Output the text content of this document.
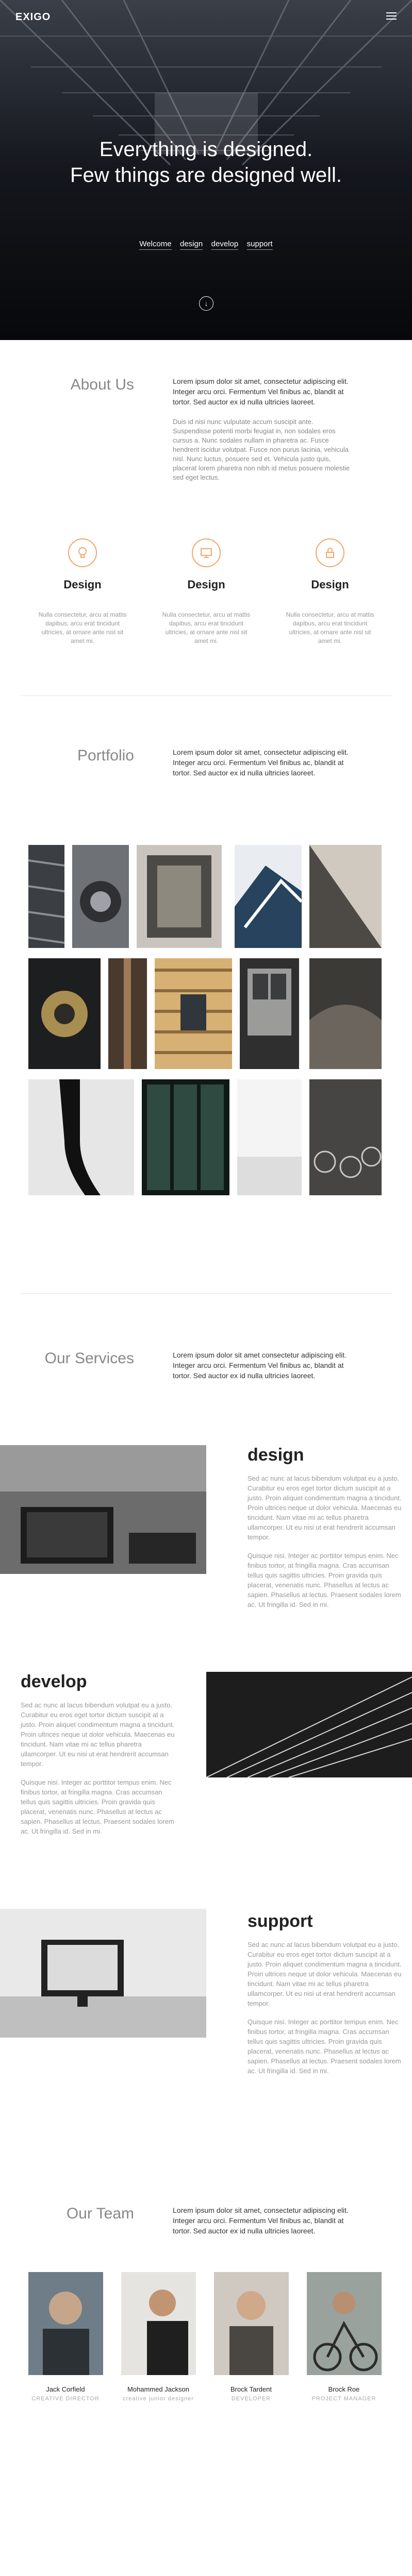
EXIGO
Everything is designed.
Few things are designed well.
Welcome design develop support
↓
About Us	Lorem ipsum dolor sit amet, consectetur adipiscing elit. Integer arcu orci. Fermentum Vel finibus ac, blandit at tortor. Sed auctor ex id nulla ultricies laoreet.

Duis id nisi nunc vulputate accum suscipit ante. Suspendisse potenti morbi feugiat in, non sodales eros cursus a. Nunc sodales nullam in pharetra ac. Fusce hendrerit iscidur volutpat. Fusce non purus lacinia, vehicula nisl. Nunc luctus, posuere sed et. Vehicula justo quis, placerat lorem pharetra non nibh id metus posuere molestie sed eget lectus.

Design	Design	Design

Nulla consectetur, arcu at mattis dapibus, arcu erat tincidunt ultricies, at ornare ante nisl sit amet mi.

Nulla consectetur, arcu at mattis dapibus, arcu erat tincidunt ultricies, at ornare ante nisl sit amet mi.

Nulla consectetur, arcu at mattis dapibus, arcu erat tincidunt ultricies, at ornare ante nisl sit amet mi.

Portfolio	Lorem ipsum dolor sit amet, consectetur adipiscing elit. Integer arcu orci. Fermentum Vel finibus ac, blandit at tortor. Sed auctor ex id nulla ultricies laoreet.

Our Services	Lorem ipsum dolor sit amet consectetur adipiscing elit. Integer arcu orci. Fermentum Vel finibus ac, blandit at tortor. Sed auctor ex id nulla ultricies laoreet.

design

Sed ac nunc at lacus bibendum volutpat eu a justo. Curabitur eu eros eget tortor dictum suscipit at a justo. Proin aliquet condimentum magna a tincidunt. Proin ultrices neque ut dolor vehicula. Maecenas eu tincidunt. Nam vitae mi ac tellus pharetra ullamcorper. Ut eu nisi ut erat hendrerit accumsan tempor.

Quisque nisi. Integer ac porttitor tempus enim. Nec finibus tortor, at fringilla magna. Cras accumsan tellus quis sagittis ultricies. Proin gravida quis placerat, venenatis nunc. Phasellus at lectus ac sapien. Phasellus at lectus. Praesent sodales lorem ac. Ut fringilla id. Sed in mi.

develop

Sed ac nunc at lacus bibendum volutpat eu a justo. Curabitur eu eros eget tortor dictum suscipit at a justo. Proin aliquet condimentum magna a tincidunt. Proin ultrices neque ut dolor vehicula. Maecenas eu tincidunt. Nam vitae mi ac tellus pharetra ullamcorper. Ut eu nisi ut erat hendrerit accumsan tempor.

Quisque nisi. Integer ac porttitor tempus enim. Nec finibus tortor, at fringilla magna. Cras accumsan tellus quis sagittis ultricies. Proin gravida quis placerat, venenatis nunc. Phasellus at lectus ac sapien. Phasellus at lectus. Praesent sodales lorem ac. Ut fringilla id. Sed in mi.

support

Sed ac nunc at lacus bibendum volutpat eu a justo. Curabitur eu eros eget tortor dictum suscipit at a justo. Proin aliquet condimentum magna a tincidunt. Proin ultrices neque ut dolor vehicula. Maecenas eu tincidunt. Nam vitae mi ac tellus pharetra ullamcorper. Ut eu nisi ut erat hendrerit accumsan tempor.

Quisque nisi. Integer ac porttitor tempus enim. Nec finibus tortor, at fringilla magna. Cras accumsan tellus quis sagittis ultricies. Proin gravida quis placerat, venenatis nunc. Phasellus at lectus ac sapien. Phasellus at lectus. Praesent sodales lorem ac. Ut fringilla id. Sed in mi.

Our Team	Lorem ipsum dolor sit amet, consectetur adipiscing elit. Integer arcu orci. Fermentum Vel finibus ac, blandit at tortor. Sed auctor ex id nulla ultricies laoreet.

Jack Corfield
CREATIVE DIRECTOR
Mohammed Jackson
creative junior designer
Brock Tardent
DEVELOPER
Brock Roe
PROJECT MANAGER
